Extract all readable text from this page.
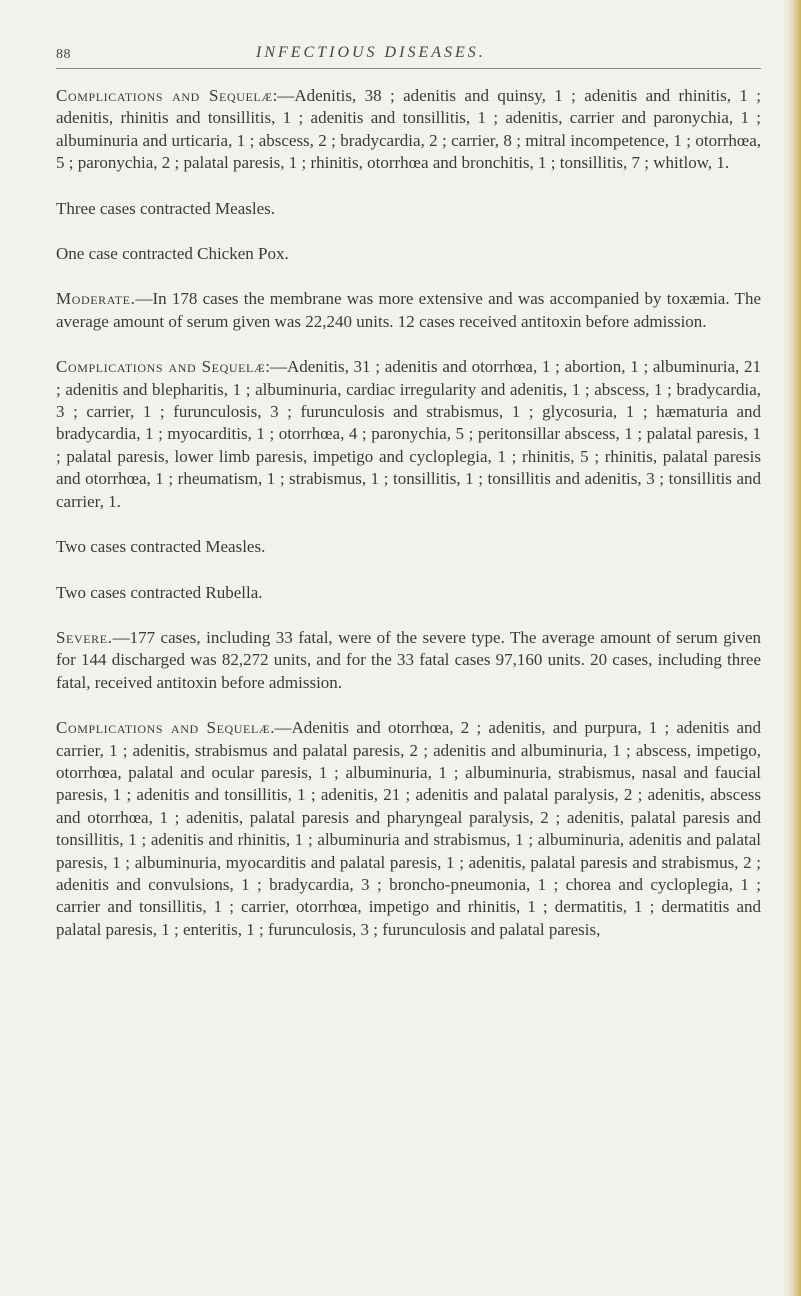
88	INFECTIOUS DISEASES.

Complications and Sequelæ:—Adenitis, 38 ; adenitis and quinsy, 1 ; adenitis and rhinitis, 1 ; adenitis, rhinitis and tonsillitis, 1 ; adenitis and tonsillitis, 1 ; adenitis, carrier and paronychia, 1 ; albuminuria and urticaria, 1 ; abscess, 2 ; bradycardia, 2 ; carrier, 8 ; mitral incompetence, 1 ; otorrhœa, 5 ; paronychia, 2 ; palatal paresis, 1 ; rhinitis, otorrhœa and bronchitis, 1 ; tonsillitis, 7 ; whitlow, 1.

Three cases contracted Measles.

One case contracted Chicken Pox.

Moderate.—In 178 cases the membrane was more extensive and was accompanied by toxæmia. The average amount of serum given was 22,240 units. 12 cases received antitoxin before admission.

Complications and Sequelæ:—Adenitis, 31 ; adenitis and otorrhœa, 1 ; abortion, 1 ; albuminuria, 21 ; adenitis and blepharitis, 1 ; albuminuria, cardiac irregularity and adenitis, 1 ; abscess, 1 ; bradycardia, 3 ; carrier, 1 ; furunculosis, 3 ; furunculosis and strabismus, 1 ; glycosuria, 1 ; hæmaturia and bradycardia, 1 ; myocarditis, 1 ; otorrhœa, 4 ; paronychia, 5 ; peritonsillar abscess, 1 ; palatal paresis, 1 ; palatal paresis, lower limb paresis, impetigo and cycloplegia, 1 ; rhinitis, 5 ; rhinitis, palatal paresis and otorrhœa, 1 ; rheumatism, 1 ; strabismus, 1 ; tonsillitis, 1 ; tonsillitis and adenitis, 3 ; tonsillitis and carrier, 1.

Two cases contracted Measles.

Two cases contracted Rubella.

Severe.—177 cases, including 33 fatal, were of the severe type. The average amount of serum given for 144 discharged was 82,272 units, and for the 33 fatal cases 97,160 units. 20 cases, including three fatal, received antitoxin before admission.

Complications and Sequelæ.—Adenitis and otorrhœa, 2 ; adenitis, and purpura, 1 ; adenitis and carrier, 1 ; adenitis, strabismus and palatal paresis, 2 ; adenitis and albuminuria, 1 ; abscess, impetigo, otorrhœa, palatal and ocular paresis, 1 ; albuminuria, 1 ; albuminuria, strabismus, nasal and faucial paresis, 1 ; adenitis and tonsillitis, 1 ; adenitis, 21 ; adenitis and palatal paralysis, 2 ; adenitis, abscess and otorrhœa, 1 ; adenitis, palatal paresis and pharyngeal paralysis, 2 ; adenitis, palatal paresis and tonsillitis, 1 ; adenitis and rhinitis, 1 ; albuminuria and strabismus, 1 ; albuminuria, adenitis and palatal paresis, 1 ; albuminuria, myocarditis and palatal paresis, 1 ; adenitis, palatal paresis and strabismus, 2 ; adenitis and convulsions, 1 ; bradycardia, 3 ; broncho-pneumonia, 1 ; chorea and cycloplegia, 1 ; carrier and tonsillitis, 1 ; carrier, otorrhœa, impetigo and rhinitis, 1 ; dermatitis, 1 ; dermatitis and palatal paresis, 1 ; enteritis, 1 ; furunculosis, 3 ; furunculosis and palatal paresis,
